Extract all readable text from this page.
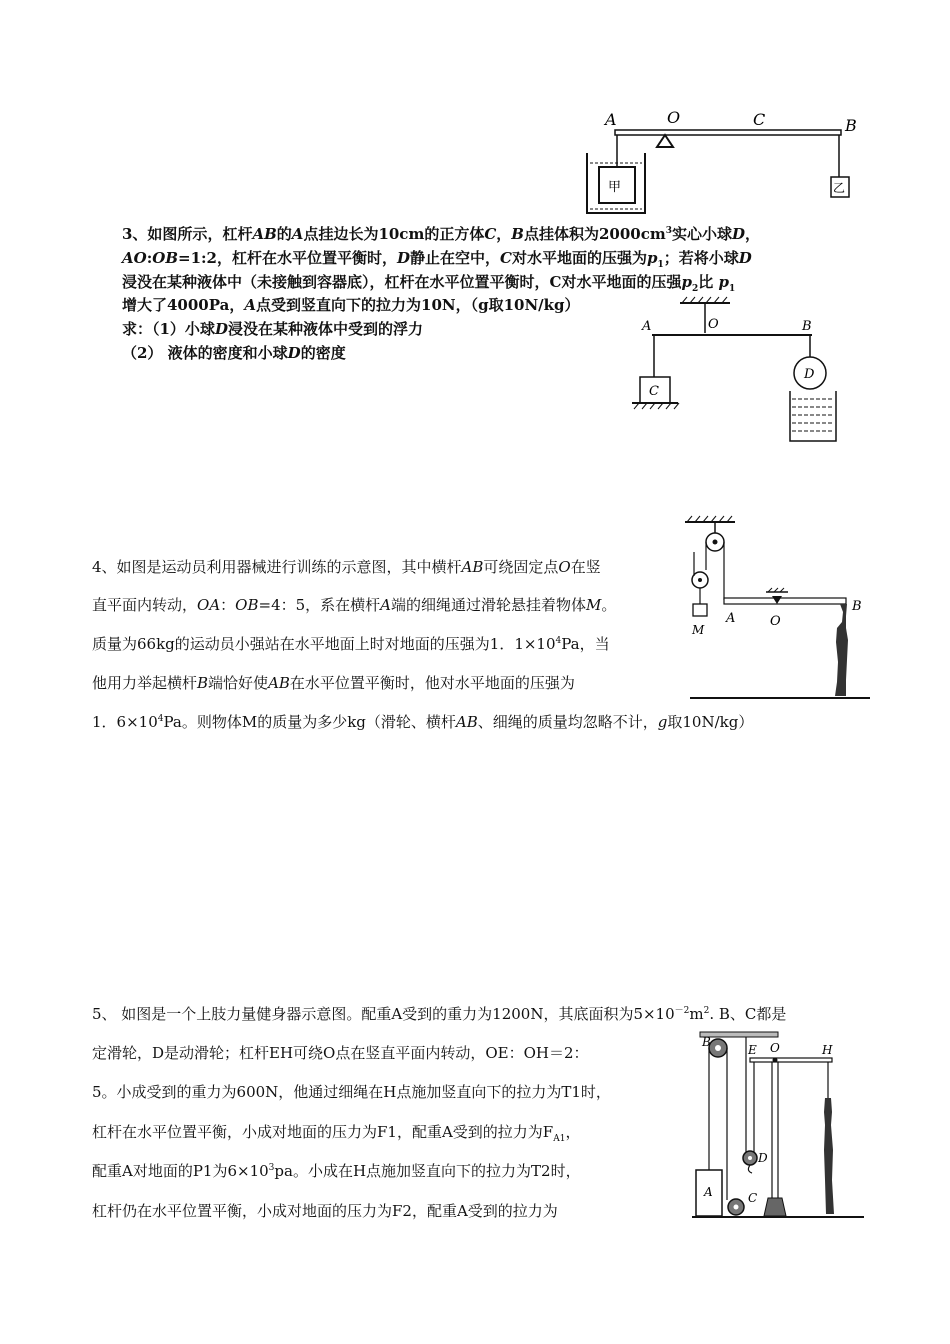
A	O	C	B
甲	乙
3、如图所示，杠杆AB的A点挂边长为10cm的正方体C，B点挂体积为$2000cm^3$实心小球D，
AO:OB=1:2，杠杆在水平位置平衡时，D静止在空中，C对水平地面的压强为$p_1$；若将小球D
浸没在某种液体中（未接触到容器底），杠杆在水平位置平衡时，C对水平地面的压强$p_2$比 $p_1$
增大了4000Pa，A点受到竖直向下的拉力为10N，（g取10N/kg）
求：（1）小球D浸没在某种液体中受到的浮力
（2） 液体的密度和小球D的密度
A	O	B
C
D
4、如图是运动员利用器械进行训练的示意图，其中横杆AB可绕固定点O在竖
直平面内转动，OA：OB=4：5，系在横杆A端的细绳通过滑轮悬挂着物体M。
质量为66kg的运动员小强站在水平地面上时对地面的压强为1．$1\times 10^4Pa$，当
他用力举起横杆B端恰好使AB在水平位置平衡时，他对水平地面的压强为
1．$6\times 10^4Pa$。则物体M的质量为多少kg（滑轮、横杆AB、细绳的质量均忽略不计，g取10N/kg）
M
A	O
B
5、 如图是一个上肢力量健身器示意图。配重A受到的重力为1200N，其底面积为$5\times 10^{-2}m^2$. B、C都是
定滑轮，D是动滑轮；杠杆EH可绕O点在竖直平面内转动，OE：OH＝2：
5。小成受到的重力为600N，他通过细绳在H点施加竖直向下的拉力为T1时，
杠杆在水平位置平衡，小成对地面的压力为F1，配重A受到的拉力为$F_{A1}$，
配重A对地面的P1为$6\times 10^3pa$。小成在H点施加竖直向下的拉力为T2时，
杠杆仍在水平位置平衡，小成对地面的压力为F2，配重A受到的拉力为
B
A	C
D
E O	H
